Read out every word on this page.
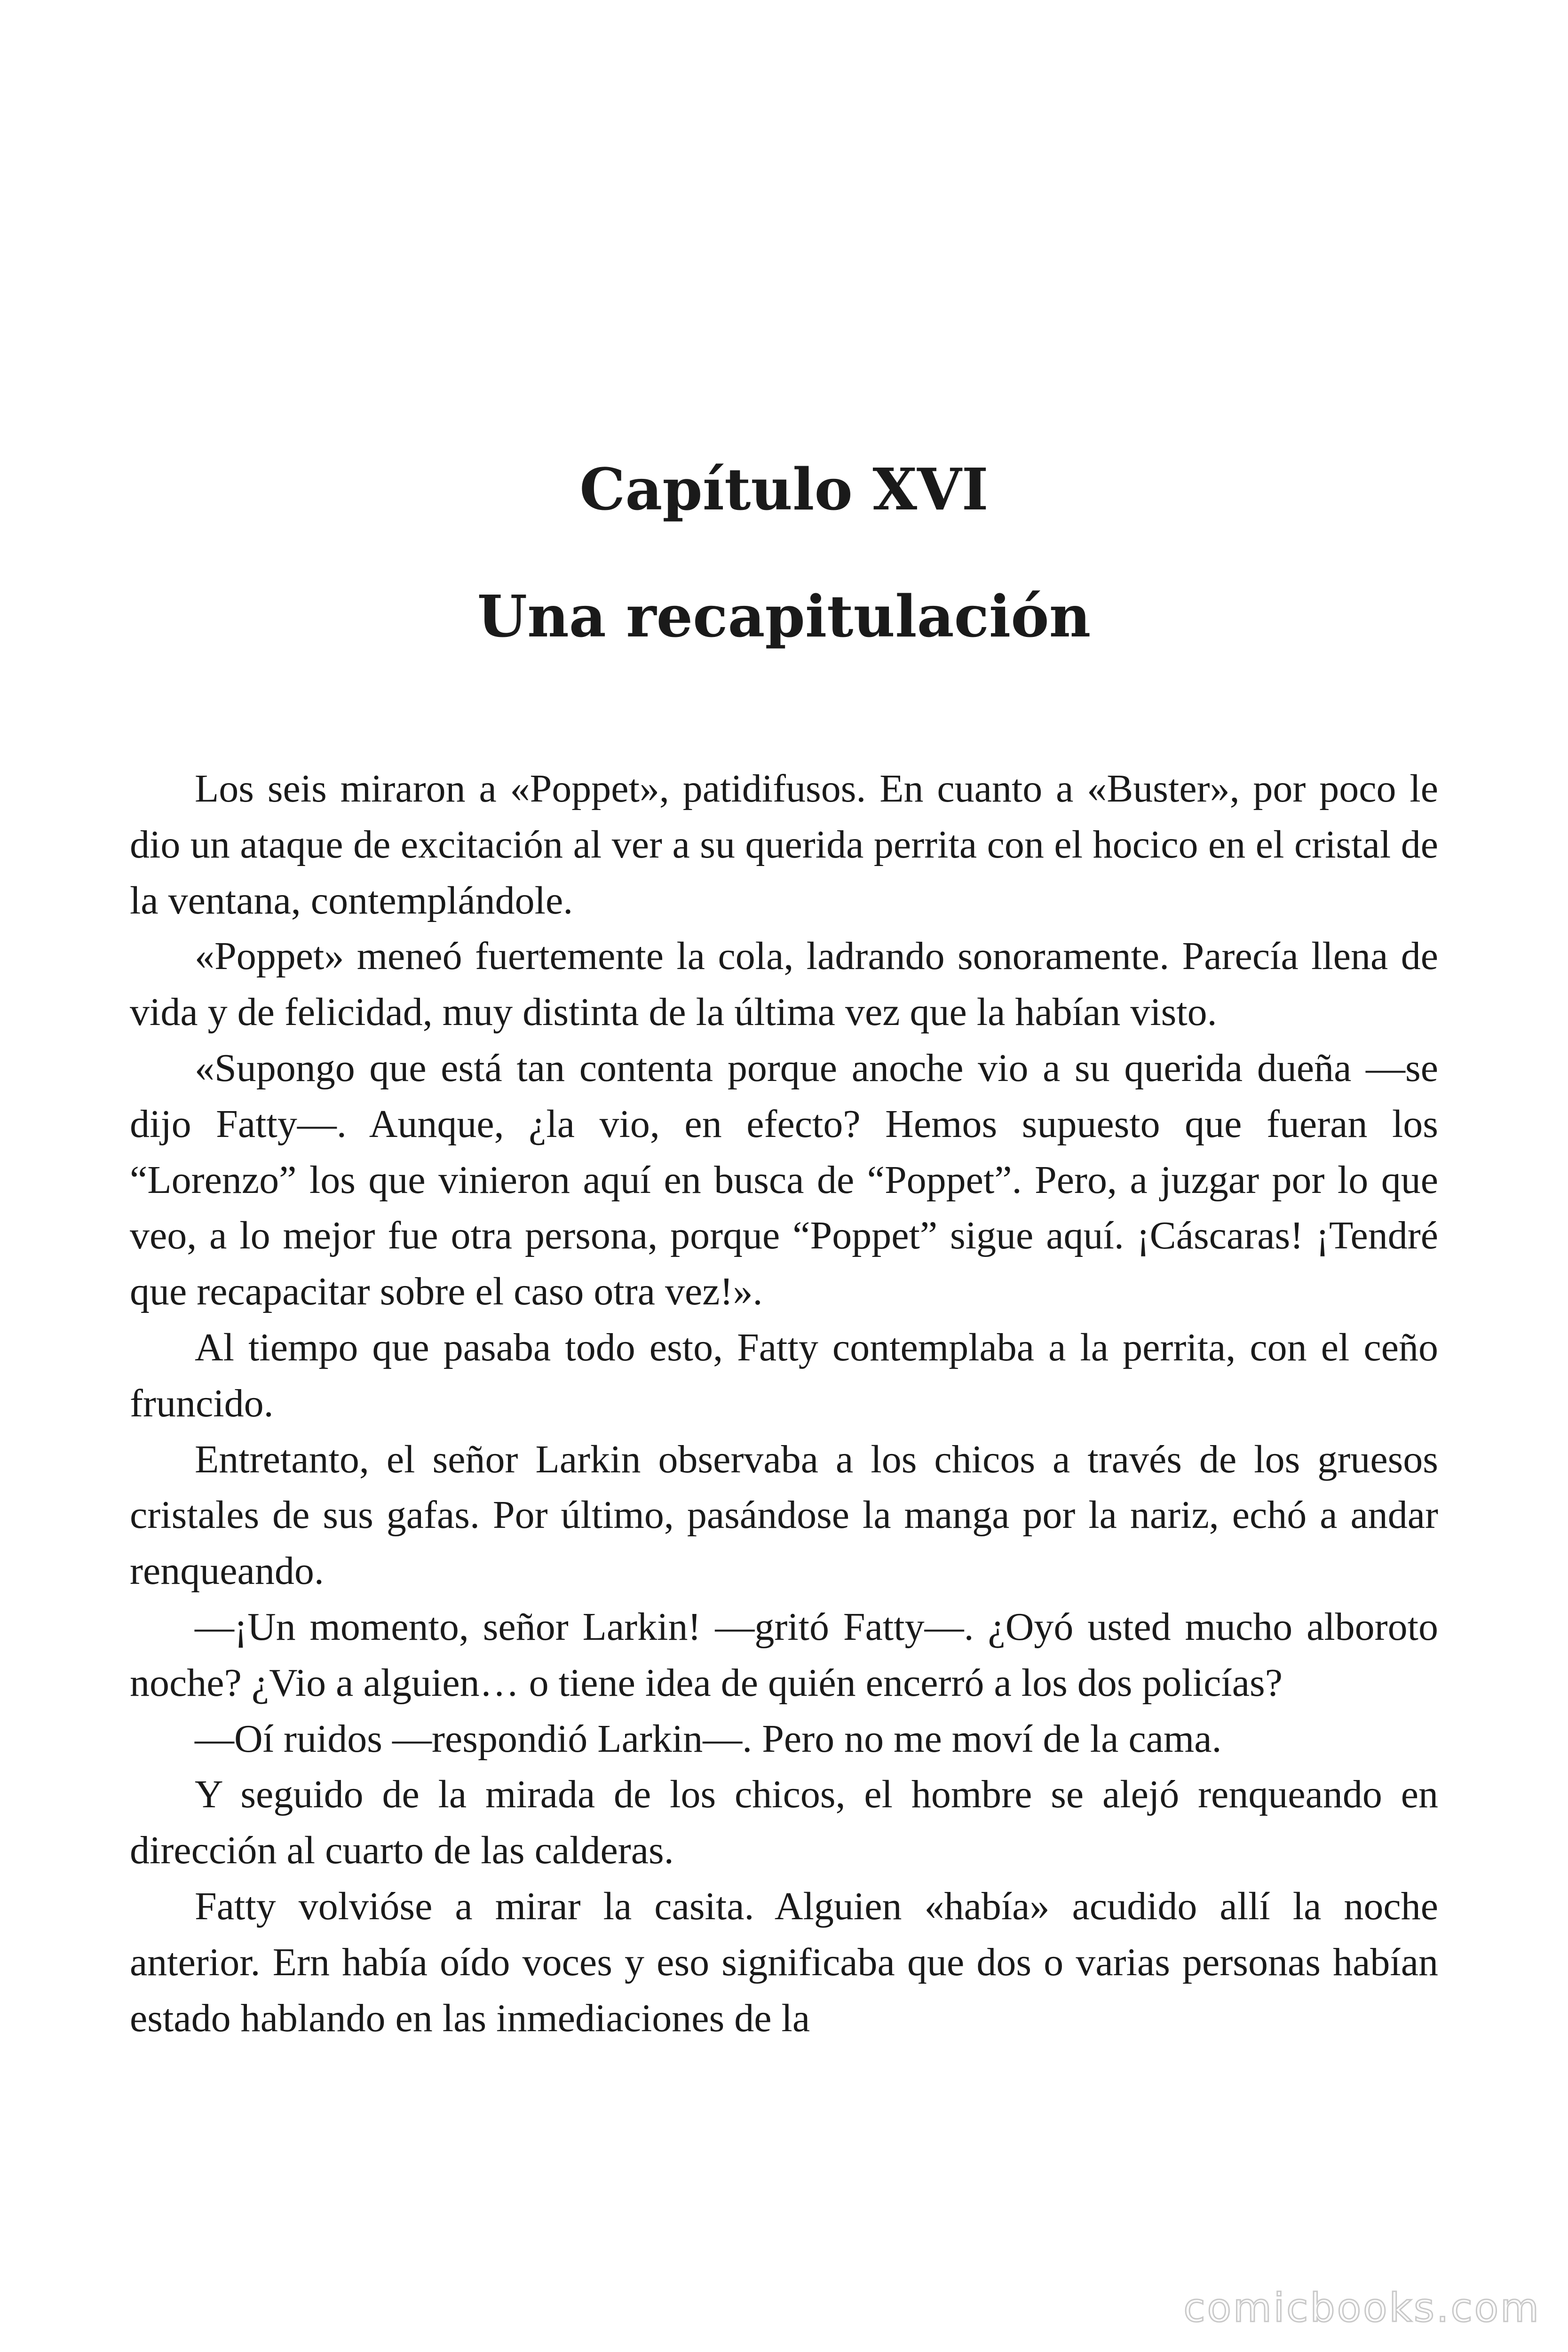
Capítulo XVI
Una recapitulación

Los seis miraron a «Poppet», patidifusos. En cuanto a «Buster», por poco le dio un ataque de excitación al ver a su querida perrita con el hocico en el cristal de la ventana, contemplándole.

«Poppet» meneó fuertemente la cola, ladrando sonoramente. Parecía llena de vida y de felicidad, muy distinta de la última vez que la habían visto.

«Supongo que está tan contenta porque anoche vio a su querida dueña —se dijo Fatty—. Aunque, ¿la vio, en efecto? Hemos supuesto que fueran los “Lorenzo” los que vinieron aquí en busca de “Poppet”. Pero, a juzgar por lo que veo, a lo mejor fue otra persona, porque “Poppet” sigue aquí. ¡Cáscaras! ¡Tendré que recapacitar sobre el caso otra vez!».

Al tiempo que pasaba todo esto, Fatty contemplaba a la perrita, con el ceño fruncido.

Entretanto, el señor Larkin observaba a los chicos a través de los gruesos cristales de sus gafas. Por último, pasándose la manga por la nariz, echó a andar renqueando.

—¡Un momento, señor Larkin! —gritó Fatty—. ¿Oyó usted mucho alboroto noche? ¿Vio a alguien… o tiene idea de quién encerró a los dos policías?

—Oí ruidos —respondió Larkin—. Pero no me moví de la cama.

Y seguido de la mirada de los chicos, el hombre se alejó renqueando en dirección al cuarto de las calderas.

Fatty volvióse a mirar la casita. Alguien «había» acudido allí la noche anterior. Ern había oído voces y eso significaba que dos o varias personas habían estado hablando en las inmediaciones de la

comicbooks.com
